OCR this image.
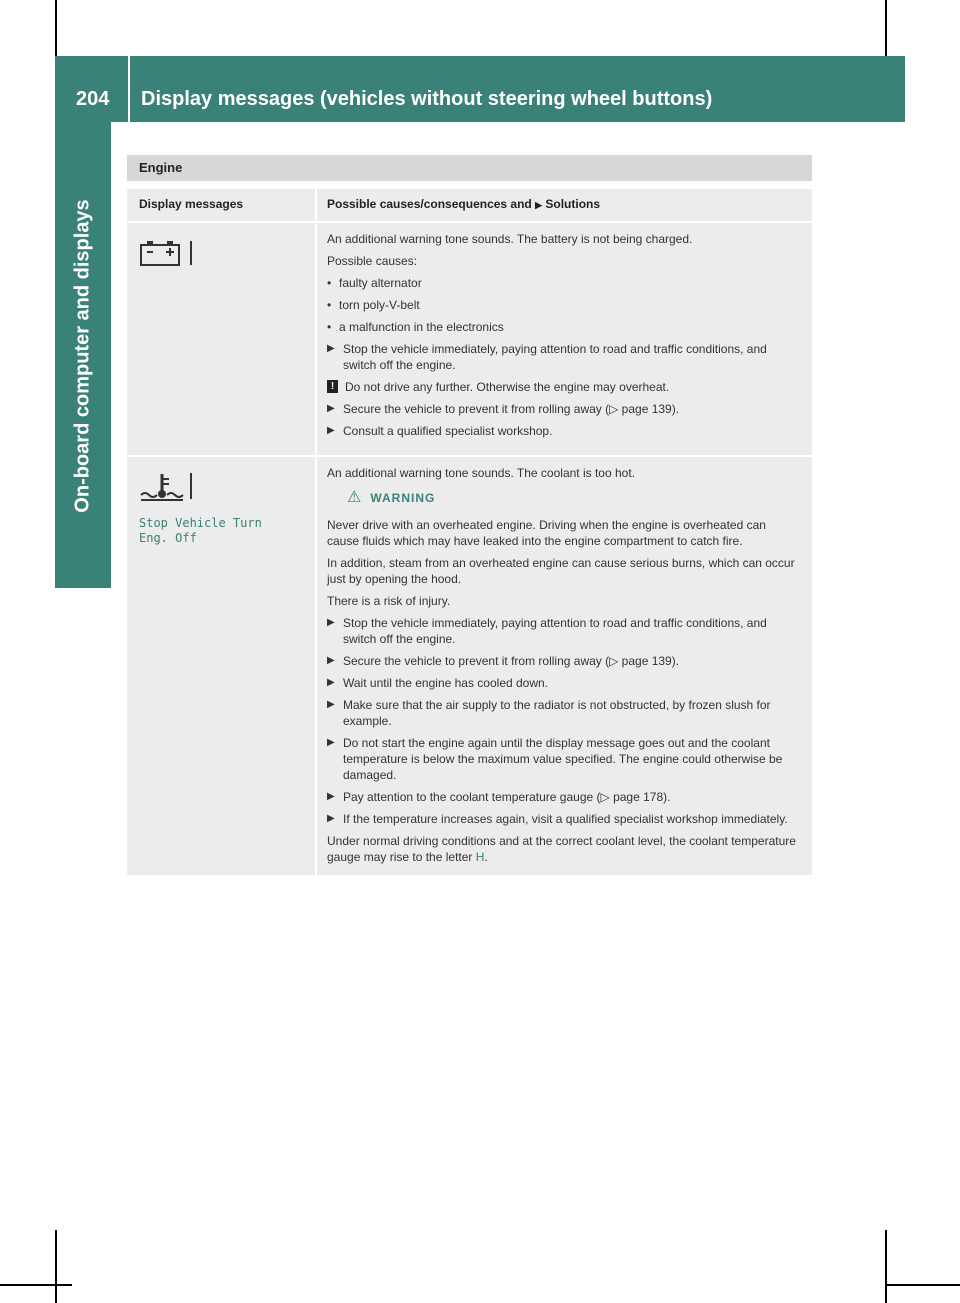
204 Display messages (vehicles without steering wheel buttons)
On-board computer and displays
Engine
Display messages	Possible causes/consequences and ▶ Solutions

An additional warning tone sounds. The battery is not being charged.

Possible causes:

• faulty alternator
• torn poly-V-belt
• a malfunction in the electronics
▶ Stop the vehicle immediately, paying attention to road and traffic conditions, and switch off the engine.
! Do not drive any further. Otherwise the engine may overheat.
▶ Secure the vehicle to prevent it from rolling away (▷ page 139).
▶ Consult a qualified specialist workshop.
Stop Vehicle Turn
Eng. Off

An additional warning tone sounds. The coolant is too hot.

⚠ WARNING

Never drive with an overheated engine. Driving when the engine is overheated can cause fluids which may have leaked into the engine compartment to catch fire.

In addition, steam from an overheated engine can cause serious burns, which can occur just by opening the hood.

There is a risk of injury.

▶ Stop the vehicle immediately, paying attention to road and traffic conditions, and switch off the engine.
▶ Secure the vehicle to prevent it from rolling away (▷ page 139).
▶ Wait until the engine has cooled down.
▶ Make sure that the air supply to the radiator is not obstructed, by frozen slush for example.
▶ Do not start the engine again until the display message goes out and the coolant temperature is below the maximum value specified. The engine could otherwise be damaged.
▶ Pay attention to the coolant temperature gauge (▷ page 178).
▶ If the temperature increases again, visit a qualified specialist workshop immediately.

Under normal driving conditions and at the correct coolant level, the coolant temperature gauge may rise to the letter H.
